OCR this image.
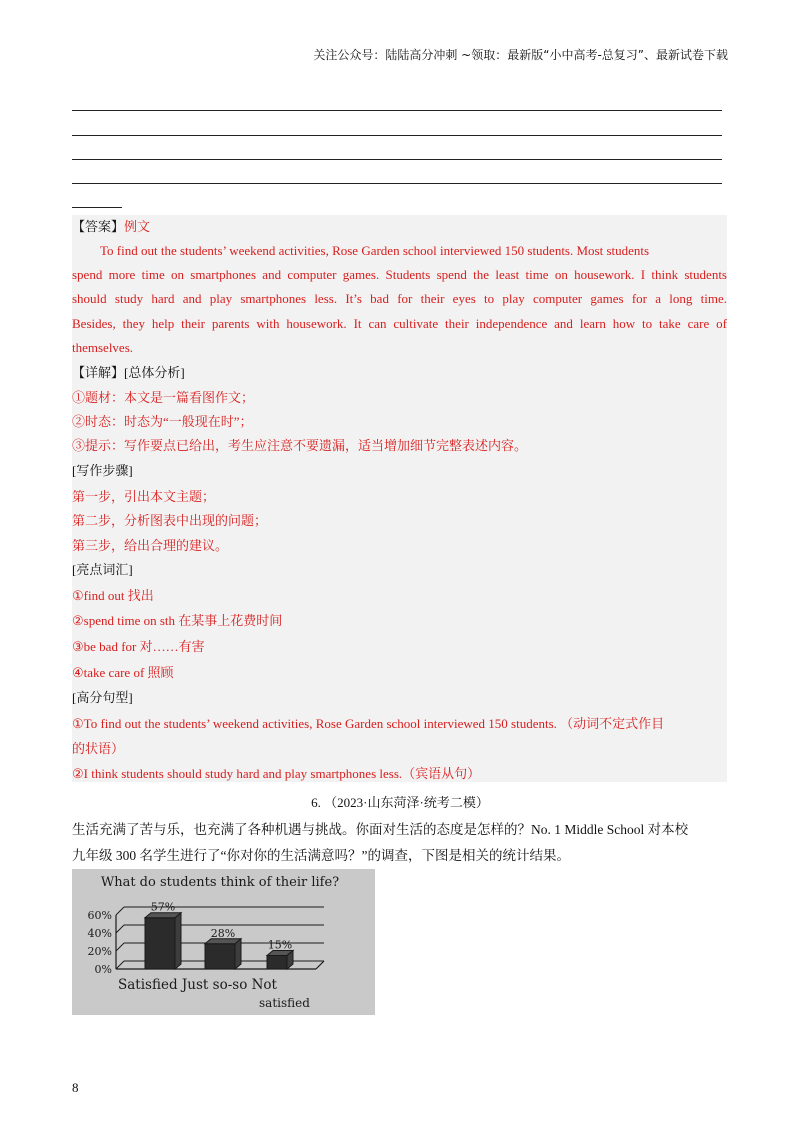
关注公众号：陆陆高分冲刺 ~领取：最新版“小中高考-总复习”、最新试卷下载
【答案】例文
To find out the students’ weekend activities, Rose Garden school interviewed 150 students. Most students
spend more time on smartphones and computer games. Students spend the least time on housework. I think students
should study hard and play smartphones less. It’s bad for their eyes to play computer games for a long time.
Besides, they help their parents with housework. It can cultivate their independence and learn how to take care of
themselves.
【详解】[总体分析]
①题材：本文是一篇看图作文；
②时态：时态为“一般现在时”；
③提示：写作要点已给出，考生应注意不要遗漏，适当增加细节完整表述内容。
[写作步骤]
第一步，引出本文主题；
第二步，分析图表中出现的问题；
第三步，给出合理的建议。
[亮点词汇]
①find out 找出
②spend time on sth 在某事上花费时间
③be bad for 对……有害
④take care of 照顾
[高分句型]
①To find out the students’ weekend activities, Rose Garden school interviewed 150 students. （动词不定式作目
的状语）
②I think students should study hard and play smartphones less.（宾语从句）
6. （2023·山东菏泽·统考二模）
生活充满了苦与乐，也充满了各种机遇与挑战。你面对生活的态度是怎样的？No. 1 Middle School 对本校
九年级 300 名学生进行了“你对你的生活满意吗？”的调查，下图是相关的统计结果。
What do students think of their life?
60%
40%
20%
0%
57%
28%
15%
Satisfied Just so-so Not
satisfied
8
